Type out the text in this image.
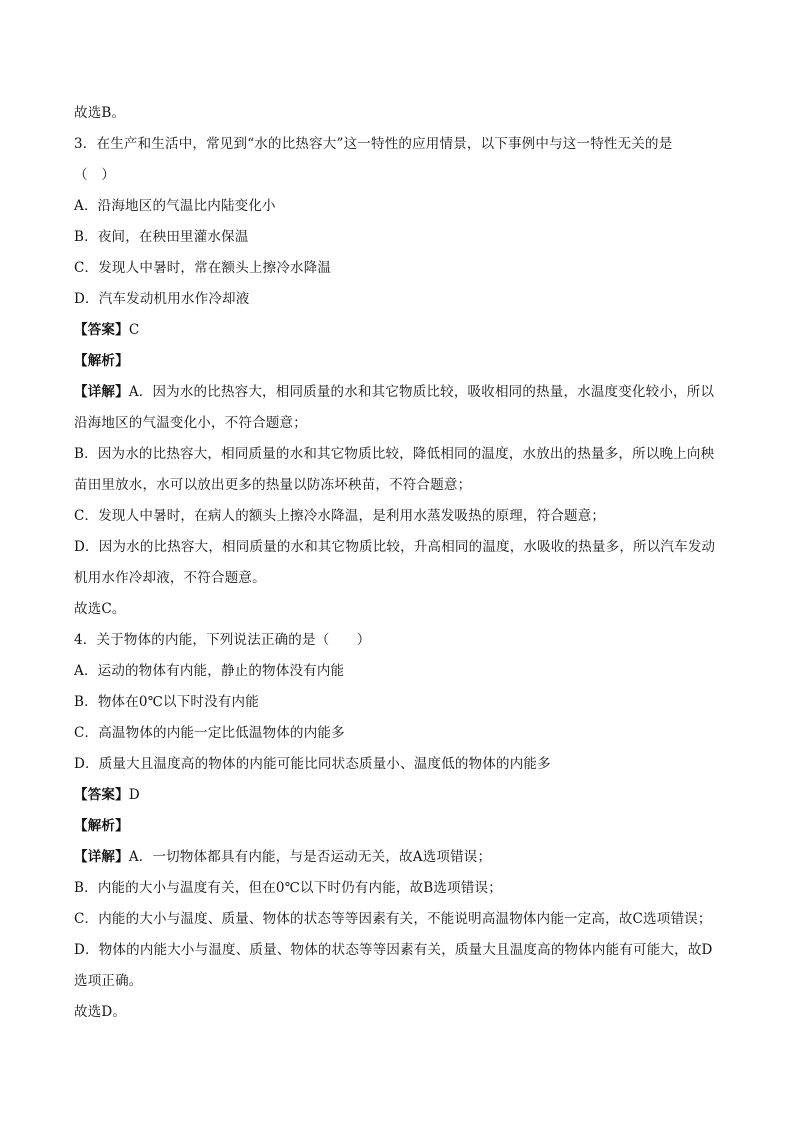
故选B。
3．在生产和生活中，常见到“水的比热容大”这一特性的应用情景，以下事例中与这一特性无关的是
（　）
A．沿海地区的气温比内陆变化小
B．夜间，在秧田里灌水保温
C．发现人中暑时，常在额头上擦冷水降温
D．汽车发动机用水作冷却液
【答案】C
【解析】
【详解】A．因为水的比热容大，相同质量的水和其它物质比较，吸收相同的热量，水温度变化较小，所以
沿海地区的气温变化小，不符合题意；
B．因为水的比热容大，相同质量的水和其它物质比较，降低相同的温度，水放出的热量多，所以晚上向秧
苗田里放水，水可以放出更多的热量以防冻坏秧苗，不符合题意；
C．发现人中暑时，在病人的额头上擦冷水降温，是利用水蒸发吸热的原理，符合题意；
D．因为水的比热容大，相同质量的水和其它物质比较，升高相同的温度，水吸收的热量多，所以汽车发动
机用水作冷却液，不符合题意。
故选C。
4．关于物体的内能，下列说法正确的是（　　）
A．运动的物体有内能，静止的物体没有内能
B．物体在0℃以下时没有内能
C．高温物体的内能一定比低温物体的内能多
D．质量大且温度高的物体的内能可能比同状态质量小、温度低的物体的内能多
【答案】D
【解析】
【详解】A．一切物体都具有内能，与是否运动无关，故A选项错误；
B．内能的大小与温度有关，但在0℃以下时仍有内能，故B选项错误；
C．内能的大小与温度、质量、物体的状态等等因素有关，不能说明高温物体内能一定高，故C选项错误；
D．物体的内能大小与温度、质量、物体的状态等等因素有关，质量大且温度高的物体内能有可能大，故D
选项正确。
故选D。
